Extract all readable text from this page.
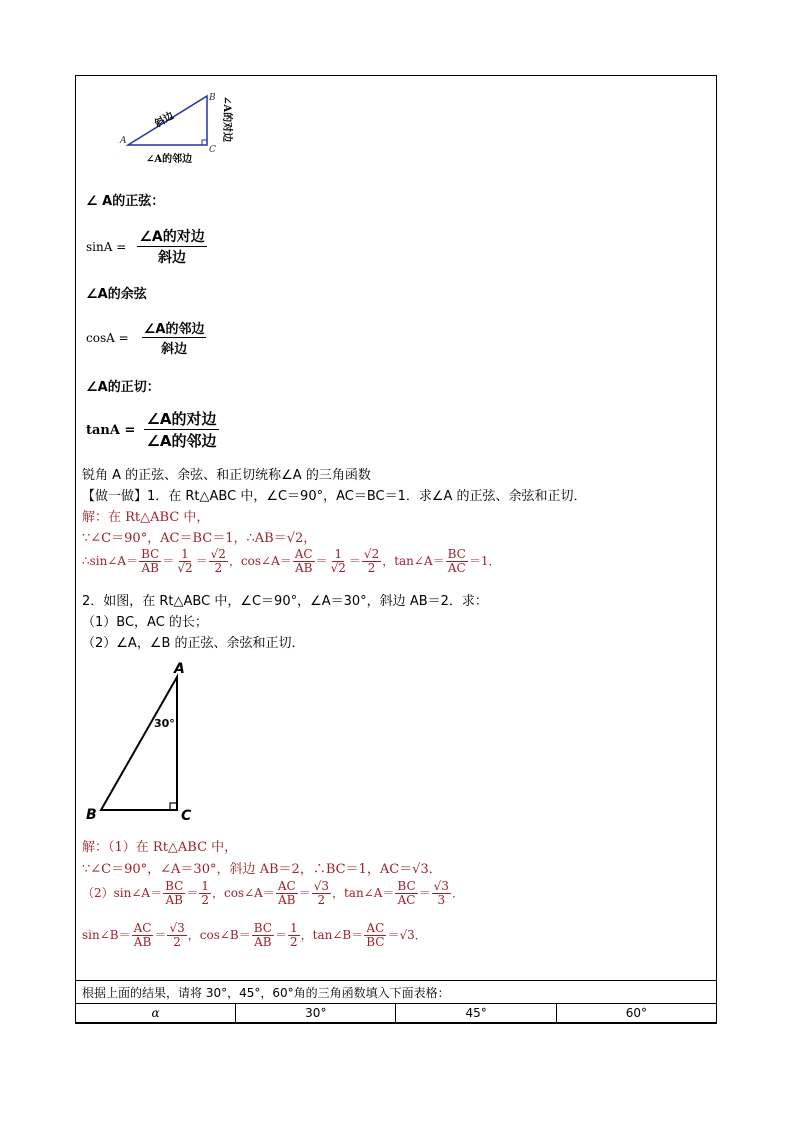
A
B
C
斜边
∠A的邻边
∠A的对边
∠ A的正弦：
$\sin A = \frac{\text{∠A的对边}}{\text{斜边}}$
∠A的余弦
$\cos A = \frac{\text{∠A的邻边}}{\text{斜边}}$
∠A的正切：
$\tan A = \frac{\text{∠A的对边}}{\text{∠A的邻边}}$
锐角 A 的正弦、余弦、和正切统称∠A 的三角函数
【做一做】1．在 Rt△ABC 中，∠C＝90°，AC＝BC＝1．求∠A 的正弦、余弦和正切．
解：在 Rt△ABC 中，
∵∠C＝90°，AC＝BC＝1，∴AB＝√2，
∴sin∠A＝ $\frac{BC}{AB} = \frac{1}{√2} = \frac{√2}{2}$ ，cos∠A＝ $\frac{AC}{AB} = \frac{1}{√2} = \frac{√2}{2}$ ，tan∠A＝ $\frac{BC}{AC} =1$．
2．如图，在 Rt△ABC 中，∠C＝90°，∠A＝30°，斜边 AB＝2．求：
（1）BC，AC 的长；
（2）∠A，∠B 的正弦、余弦和正切．
A
B	C
30°
解：（1）在 Rt△ABC 中，
∵∠C＝90°，∠A＝30°，斜边 AB＝2，∴BC＝1，AC＝√3．
（2）sin∠A＝ $\frac{BC}{AB} = \frac{1}{2}$ ，cos∠A＝ $\frac{AC}{AB} = \frac{√3}{2}$ ，tan∠A＝ $\frac{BC}{AC} = \frac{√3}{3}$ ．
sin∠B＝ $\frac{AC}{AB} = \frac{√3}{2}$ ，cos∠B＝ $\frac{BC}{AB} = \frac{1}{2}$ ，tan∠B＝ $\frac{AC}{BC} =√3$．
根据上面的结果，请将 30°，45°，60°角的三角函数填入下面表格：
α	30°	45°	60°
